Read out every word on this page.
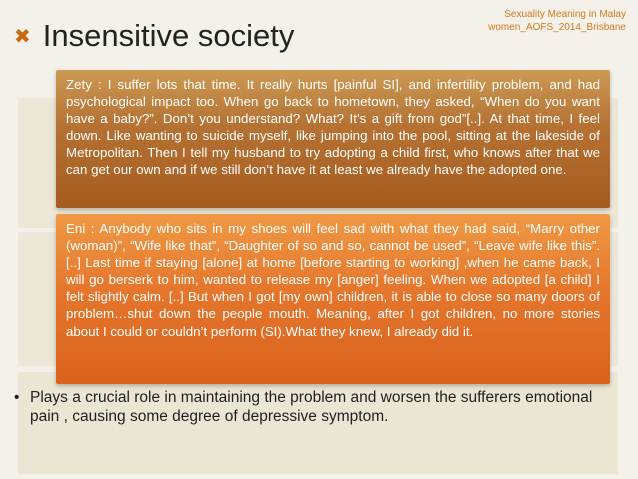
Sexuality Meaning in Malay
women_AOFS_2014_Brisbane
✖ Insensitive society
Zety : I suffer lots that time. It really hurts [painful SI], and infertility problem, and had psychological impact too. When go back to hometown, they asked, “When do you want have a baby?”. Don’t you understand? What? It’s a gift from god”[..]. At that time, I feel down. Like wanting to suicide myself, like jumping into the pool, sitting at the lakeside of Metropolitan. Then I tell my husband to try adopting a child first, who knows after that we can get our own and if we still don’t have it at least we already have the adopted one.
Eni : Anybody who sits in my shoes will feel sad with what they had said, “Marry other (woman)”, “Wife like that”, “Daughter of so and so, cannot be used”, “Leave wife like this”. [..] Last time if staying [alone] at home [before starting to working] ,when he came back, I will go berserk to him, wanted to release my [anger] feeling. When we adopted [a child] I felt slightly calm. [..] But when I got [my own] children, it is able to close so many doors of problem…shut down the people mouth. Meaning, after I got children, no more stories about I could or couldn’t perform (SI).What they knew, I already did it.
• Plays a crucial role in maintaining the problem and worsen the sufferers emotional pain , causing some degree of depressive symptom.
